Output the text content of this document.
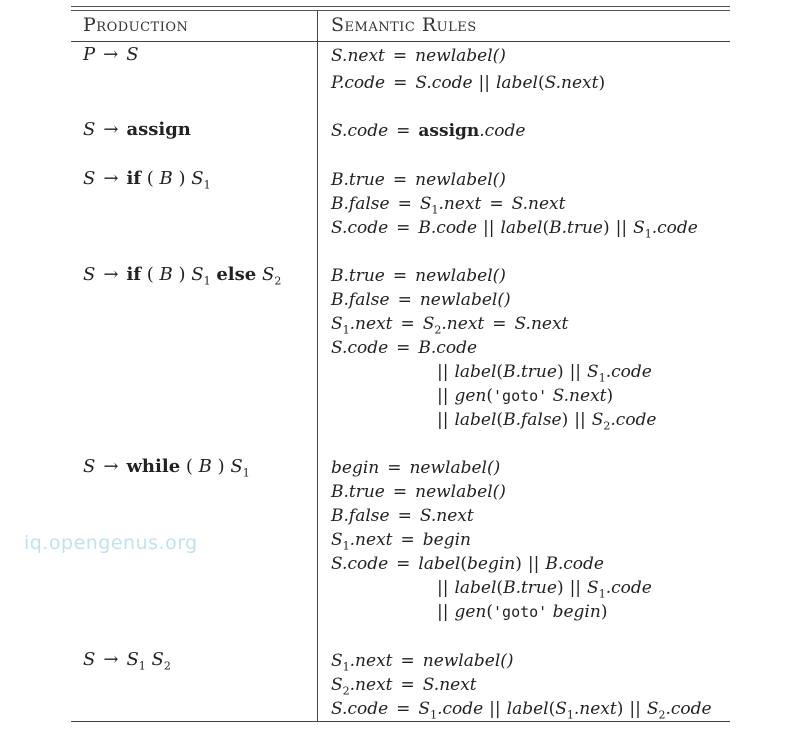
Production	Semantic Rules
iq.opengenus.org
P → S	S.next = newlabel()
P.code = S.code || label(S.next)
S → assign	S.code = assign.code
S → if ( B ) $S_1$	B.true = newlabel()
B.false = $S_1.next$ = S.next
S.code = B.code || label(B.true) || $S_1.code$
S → if ( B ) $S_1$ else $S_2$	B.true = newlabel()
B.false = newlabel()
$S_1.next$ = $S_2.next$ = S.next
S.code = B.code
|| label(B.true) || $S_1.code$
|| gen('goto' S.next)
|| label(B.false) || $S_2.code$
S → while ( B ) $S_1$	begin = newlabel()
B.true = newlabel()
B.false = S.next
$S_1.next$ = begin
S.code = label(begin) || B.code
|| label(B.true) || $S_1.code$
|| gen('goto' begin)
$S \to S_1$ $S_2$	$S_1.next$ = newlabel()
$S_2.next$ = S.next
S.code = $S_1.code$ || $label(S_1.next)$ || $S_2.code$
